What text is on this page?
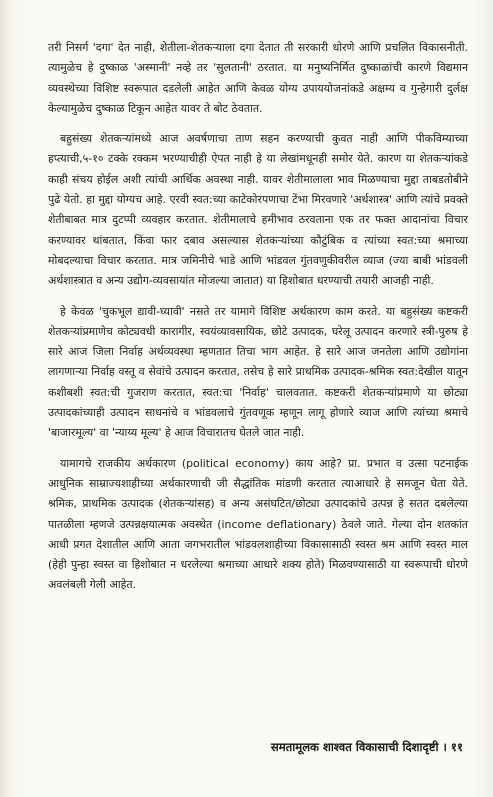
तरी निसर्ग 'दगा' देत नाही, शेतीला-शेतकऱ्याला दगा देतात ती सरकारी धोरणे आणि प्रचलित विकासनीती. त्यामुळेच हे दुष्काळ 'अस्मानी' नव्हे तर 'सुलतानी' ठरतात. या मनुष्यनिर्मित दुष्काळांची कारणे विद्यमान व्यवस्थेच्या विशिष्ट स्वरूपात दडलेली आहेत आणि केवळ योग्य उपाययोजनांकडे अक्षम्य व गुन्हेगारी दुर्लक्ष केल्यामुळेच दुष्काळ टिकून आहेत यावर ते बोट ठेवतात.

बहुसंख्य शेतकऱ्यांमध्ये आज अवर्षणाचा ताण सहन करण्याची कुवत नाही आणि पीकविम्याच्या हप्त्याची,५-१० टक्के रक्कम भरण्याचीही ऐपत नाही हे या लेखांमधूनही समोर येते. कारण या शेतकऱ्यांकडे काही संचय होईल अशी त्यांची आर्थिक अवस्था नाही. यावर शेतीमालाला भाव मिळण्याचा मुद्दा ताबडतोबीने पुढे येतो. हा मुद्दा योग्यच आहे. एरवी स्वत:च्या काटेकोरपणाचा टेंभा मिरवणारे 'अर्थशास्त्र' आणि त्यांचे प्रवक्ते शेतीबाबत मात्र दुटप्पी व्यवहार करतात. शेतीमालाचे हमीभाव ठरवताना एक तर फक्त आदानांचा विचार करण्यावर थांबतात, किंवा फार दबाव असल्यास शेतकऱ्यांच्या कौटुंबिक व त्यांच्या स्वत:च्या श्रमाच्या मोबदल्याचा विचार करतात. मात्र जमिनीचे भाडे आणि भांडवल गुंतवणुकीवरील व्याज (ज्या बाबी भांडवली अर्थशास्त्रात व अन्य उद्योग-व्यवसायांत मोजल्या जातात) या हिशोबात धरण्याची तयारी आजही नाही.

हे केवळ 'चुकभूल द्यावी-घ्यावी' नसते तर यामागे विशिष्ट अर्थकारण काम करते. या बहुसंख्य कष्टकरी शेतकऱ्यांप्रमाणेच कोट्यवधी कारागीर, स्वयंव्यावसायिक, छोटे उत्पादक, घरेलू उत्पादन करणारे स्त्री-पुरुष हे सारे आज जिला निर्वाह अर्थव्यवस्था म्हणतात तिचा भाग आहेत. हे सारे आज जनतेला आणि उद्योगांना लागणाऱ्या निर्वाह वस्तू व सेवांचे उत्पादन करतात, तसेच हे सारे प्राथमिक उत्पादक-श्रमिक स्वत:देखील यातून कशीबशी स्वत:ची गुजराण करतात, स्वत:चा 'निर्वाह' चालवतात. कष्टकरी शेतकऱ्यांप्रमाणे या छोट्या उत्पादकांच्याही उत्पादन साधनांचे व भांडवलाचे गुंतवणूक म्हणून लागू होणारे व्याज आणि त्यांच्या श्रमाचे 'बाजारमूल्य' वा 'न्याय्य मूल्य' हे आज विचारातच घेतले जात नाही.

यामागचे राजकीय अर्थकारण (political economy) काय आहे? प्रा. प्रभात व उत्सा पटनाईक आधुनिक साम्राज्यशाहीच्या अर्थकारणाची जी सैद्धांतिक मांडणी करतात त्याआधारे हे समजून घेता येते. श्रमिक, प्राथमिक उत्पादक (शेतकऱ्यांसह) व अन्य असंघटित/छोट्या उत्पादकांचे उत्पन्न हे सतत दबलेल्या पातळीला म्हणजे उत्पन्नक्षयात्मक अवस्थेत (income deflationary) ठेवले जाते. गेल्या दोन शतकांत आधी प्रगत देशातील आणि आता जगभरातील भांडवलशाहीच्या विकासासाठी स्वस्त श्रम आणि स्वस्त माल (हेही पुन्हा स्वस्त वा हिशोबात न धरलेल्या श्रमाच्या आधारे शक्य होते) मिळवण्यासाठी या स्वरूपाची धोरणे अवलंबली गेली आहेत.

समतामूलक शाश्वत विकासाची दिशादृष्टी । ११
